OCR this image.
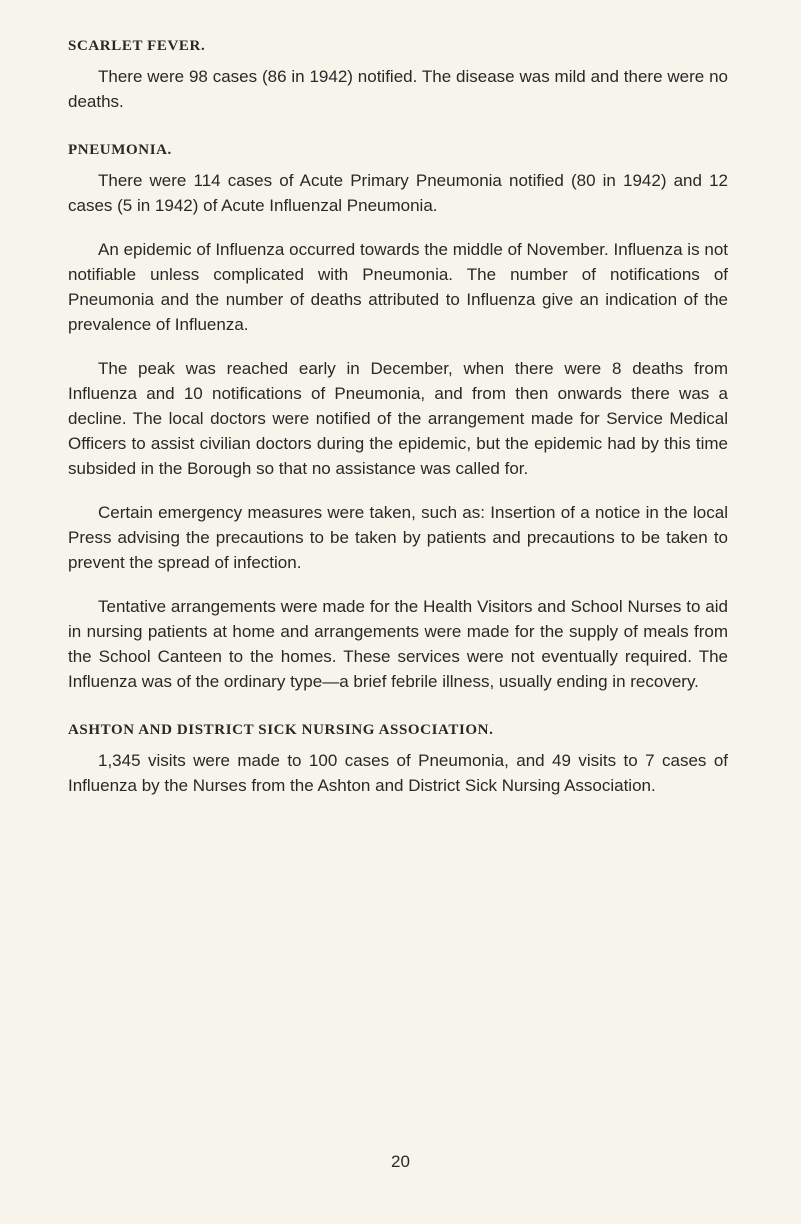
SCARLET FEVER.

There were 98 cases (86 in 1942) notified. The disease was mild and there were no deaths.

PNEUMONIA.

There were 114 cases of Acute Primary Pneumonia notified (80 in 1942) and 12 cases (5 in 1942) of Acute Influenzal Pneumonia.

An epidemic of Influenza occurred towards the middle of November. Influenza is not notifiable unless complicated with Pneumonia. The number of notifications of Pneumonia and the number of deaths attributed to Influenza give an indication of the prevalence of Influenza.

The peak was reached early in December, when there were 8 deaths from Influenza and 10 notifications of Pneumonia, and from then onwards there was a decline. The local doctors were notified of the arrangement made for Service Medical Officers to assist civilian doctors during the epidemic, but the epidemic had by this time subsided in the Borough so that no assistance was called for.

Certain emergency measures were taken, such as: Insertion of a notice in the local Press advising the precautions to be taken by patients and precautions to be taken to prevent the spread of infection.

Tentative arrangements were made for the Health Visitors and School Nurses to aid in nursing patients at home and arrangements were made for the supply of meals from the School Canteen to the homes. These services were not eventually required. The Influenza was of the ordinary type—a brief febrile illness, usually ending in recovery.

ASHTON AND DISTRICT SICK NURSING ASSOCIATION.

1,345 visits were made to 100 cases of Pneumonia, and 49 visits to 7 cases of Influenza by the Nurses from the Ashton and District Sick Nursing Association.

20
